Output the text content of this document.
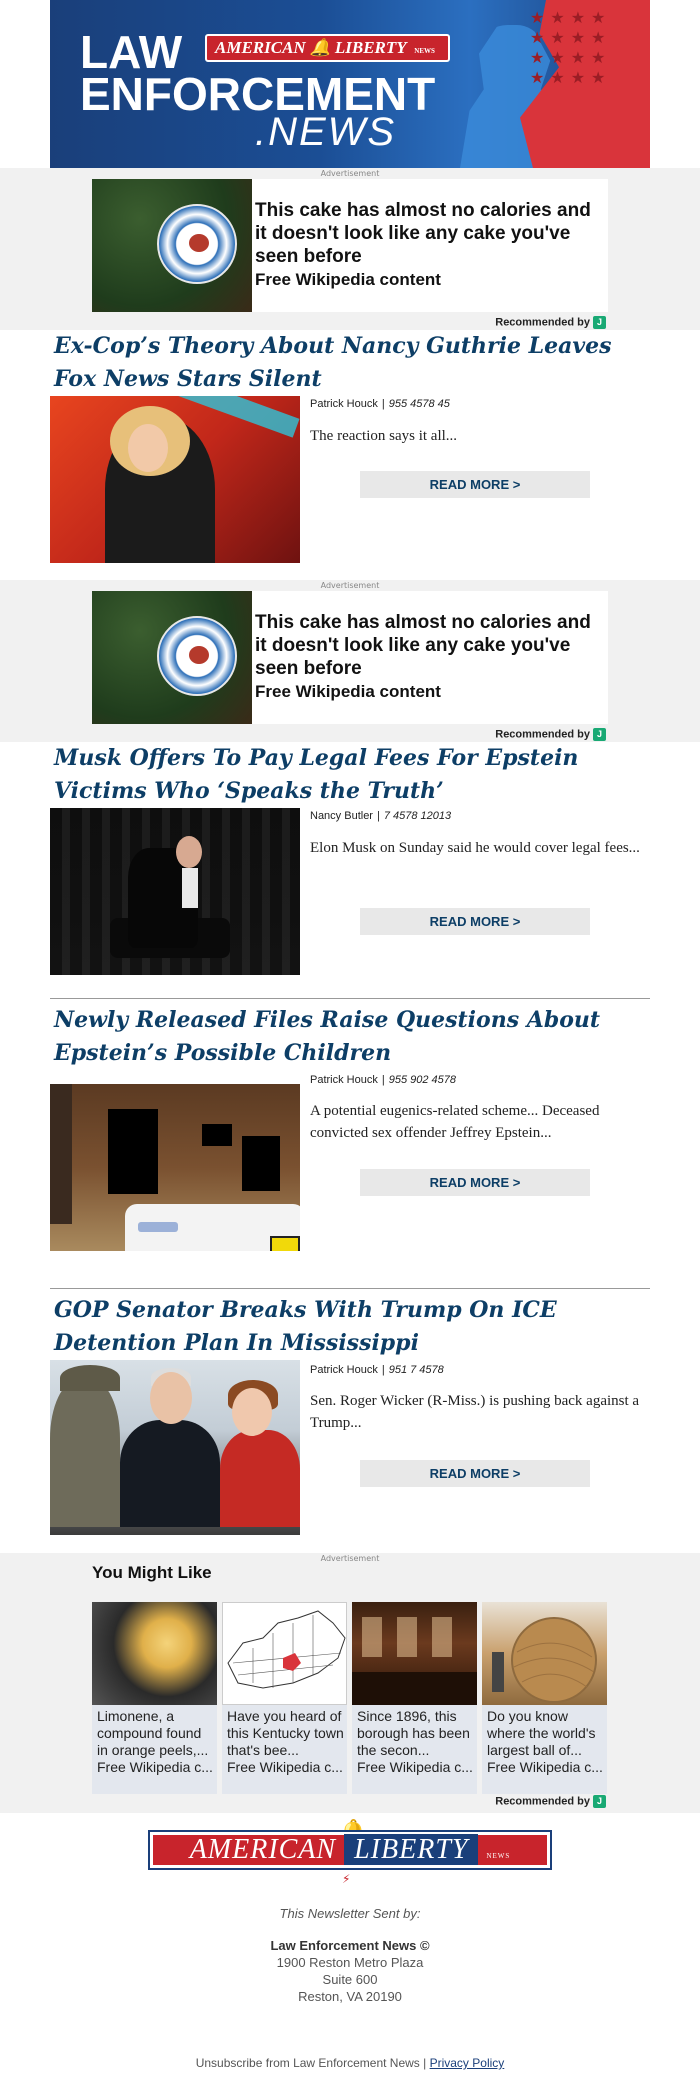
★★★★
★★★★
★★★★
★★★★
LAW	AMERICAN 🔔 LIBERTY NEWS
ENFORCEMENT
.NEWS
Advertisement
This cake has almost no calories and it doesn't look like any cake you've seen before
Free Wikipedia content
Recommended by J
Ex-Cop’s Theory About Nancy Guthrie Leaves Fox News Stars Silent
Patrick Houck | 955 4578 45
The reaction says it all...
READ MORE >
Advertisement
This cake has almost no calories and it doesn't look like any cake you've seen before
Free Wikipedia content
Recommended by J
Musk Offers To Pay Legal Fees For Epstein Victims Who ‘Speaks the Truth’
Nancy Butler | 7 4578 12013
Elon Musk on Sunday said he would cover legal fees...
READ MORE >
Newly Released Files Raise Questions About Epstein’s Possible Children
Patrick Houck | 955 902 4578
A potential eugenics-related scheme... Deceased convicted sex offender Jeffrey Epstein...
READ MORE >
GOP Senator Breaks With Trump On ICE Detention Plan In Mississippi
Patrick Houck | 951 7 4578
Sen. Roger Wicker (R-Miss.) is pushing back against a Trump...
READ MORE >
Advertisement
Recommended by J
You Might Like
Limonene, a compound found in orange peels,...
Free Wikipedia c...
Have you heard of this Kentucky town that's bee...
Free Wikipedia c...
Since 1896, this borough has been the secon...
Free Wikipedia c...
Do you know where the world's largest ball of...
Free Wikipedia c...
AMERICAN LIBERTY	NEWS
⚡
This Newsletter Sent by:
Law Enforcement News ©
1900 Reston Metro Plaza
Suite 600
Reston, VA 20190
Unsubscribe from Law Enforcement News | Privacy Policy
